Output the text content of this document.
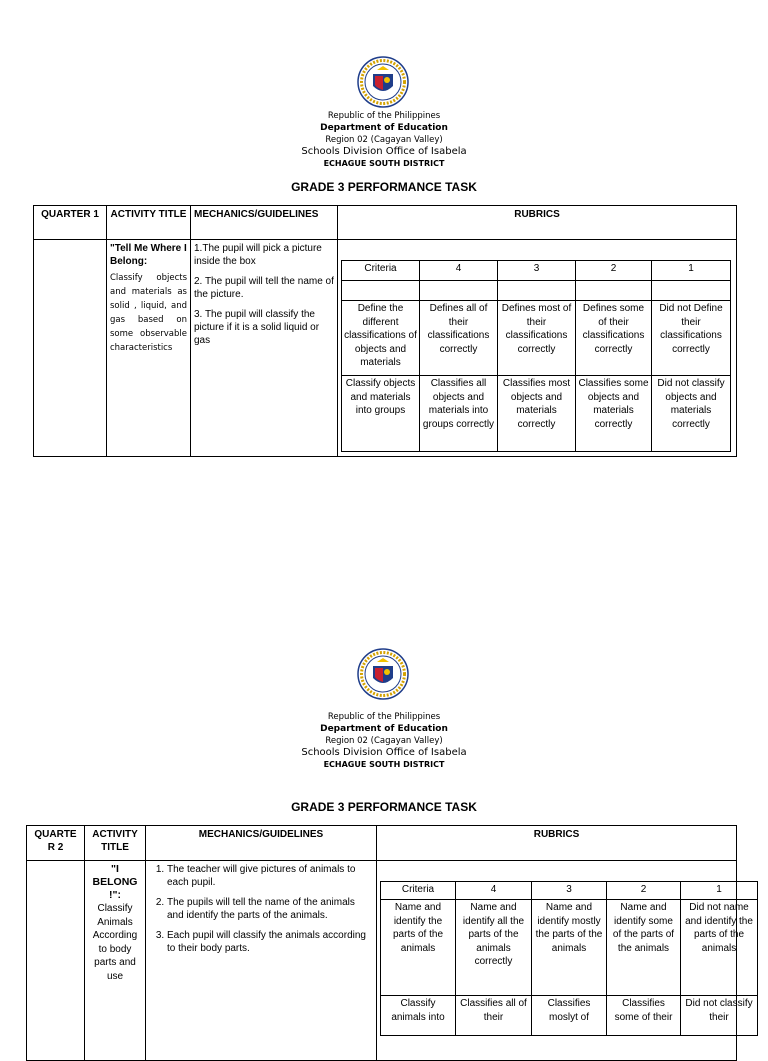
Republic of the Philippines
Department of Education
Region 02 (Cagayan Valley)
Schools Division Office of Isabela
ECHAGUE SOUTH DISTRICT
GRADE 3 PERFORMANCE TASK
QUARTER 1	ACTIVITY TITLE	MECHANICS/GUIDELINES	RUBRICS

"Tell Me Where I Belong:
Classify objects and materials as solid , liquid, and gas based on some observable characteristics

1.The pupil will pick a picture inside the box
2. The pupil will tell the name of the picture.
3. The pupil will classify the picture if it is a solid liquid or gas

Criteria	4	3	2	1

Define the different classifications of objects and materials	Defines all of their classifications correctly	Defines most of their classifications correctly	Defines some of their classifications correctly	Did not Define their classifications correctly
Classify objects and materials into groups	Classifies all objects and materials into groups correctly	Classifies most objects and materials correctly	Classifies some objects and materials correctly	Did not classify objects and materials correctly
Republic of the Philippines
Department of Education
Region 02 (Cagayan Valley)
Schools Division Office of Isabela
ECHAGUE SOUTH DISTRICT
GRADE 3 PERFORMANCE TASK
QUARTE R 2	ACTIVITY TITLE	MECHANICS/GUIDELINES	RUBRICS

"I BELONG !":
Classify Animals According to body parts and use

1. The teacher will give pictures of animals to each pupil.
2. The pupils will tell the name of the animals and identify the parts of the animals.
3. Each pupil will classify the animals according to their body parts.

Criteria	4	3	2	1
Name and identify the parts of the animals	Name and identify all the parts of the animals correctly	Name and identify mostly the parts of the animals	Name and identify some of the parts of the animals	Did not name and identify the parts of the animals
Classify animals into	Classifies all of their	Classifies moslyt of	Classifies some of their	Did not classify their
